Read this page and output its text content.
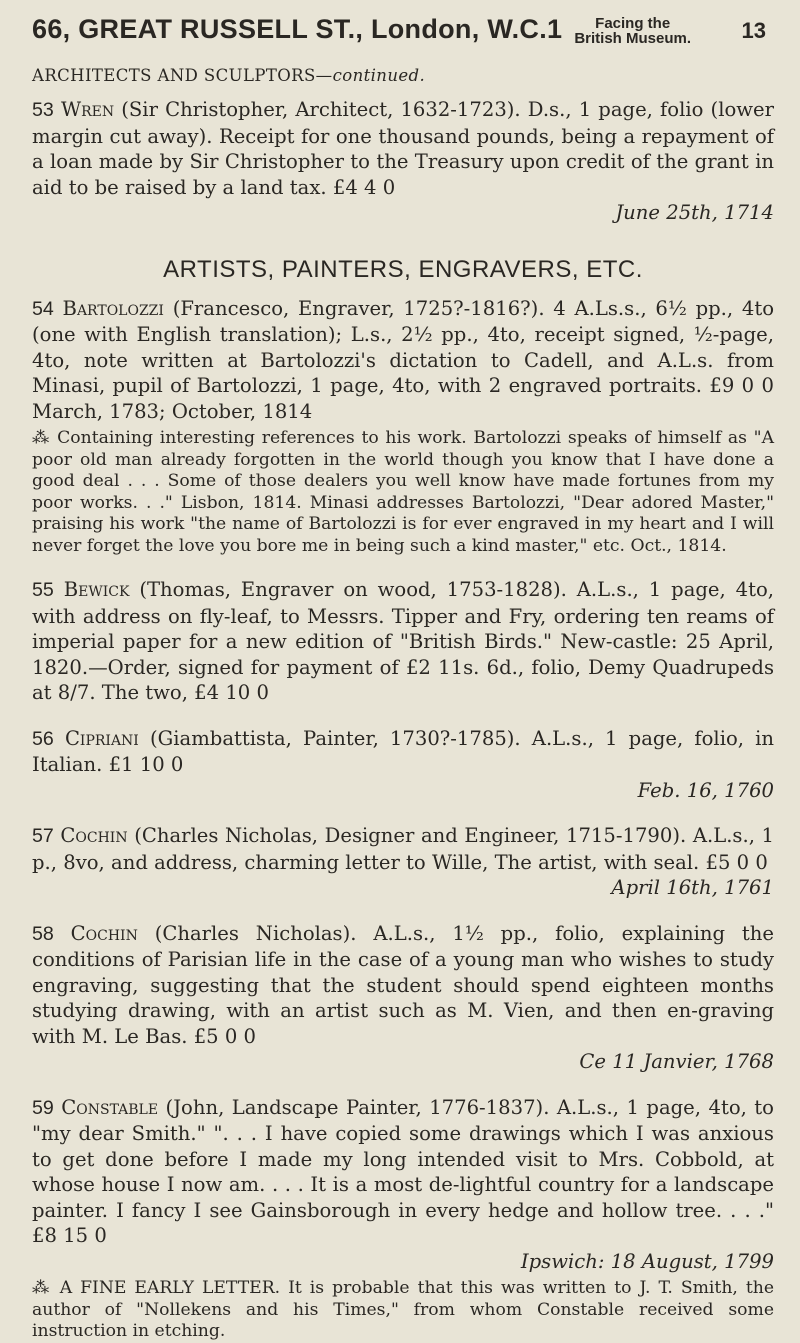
66, GREAT RUSSELL ST., London, W.C.1	Facing the
British Museum. 13
ARCHITECTS AND SCULPTORS—continued.
53 Wren (Sir Christopher, Architect, 1632-1723). D.s., 1 page, folio (lower margin cut away). Receipt for one thousand pounds, being a repayment of a loan made by Sir Christopher to the Treasury upon credit of the grant in aid to be raised by a land tax. £4 4 0
June 25th, 1714
ARTISTS, PAINTERS, ENGRAVERS, ETC.
54 Bartolozzi (Francesco, Engraver, 1725?-1816?). 4 A.Ls.s., 6½ pp., 4to (one with English translation); L.s., 2½ pp., 4to, receipt signed, ½-page, 4to, note written at Bartolozzi's dictation to Cadell, and A.L.s. from Minasi, pupil of Bartolozzi, 1 page, 4to, with 2 engraved portraits. £9 0 0 March, 1783; October, 1814
⁂ Containing interesting references to his work. Bartolozzi speaks of himself as "A poor old man already forgotten in the world though you know that I have done a good deal . . . Some of those dealers you well know have made fortunes from my poor works. . ." Lisbon, 1814. Minasi addresses Bartolozzi, "Dear adored Master," praising his work "the name of Bartolozzi is for ever engraved in my heart and I will never forget the love you bore me in being such a kind master," etc. Oct., 1814.
55 Bewick (Thomas, Engraver on wood, 1753-1828). A.L.s., 1 page, 4to, with address on fly-leaf, to Messrs. Tipper and Fry, ordering ten reams of imperial paper for a new edition of "British Birds." New-castle: 25 April, 1820.—Order, signed for payment of £2 11s. 6d., folio, Demy Quadrupeds at 8/7. The two, £4 10 0
56 Cipriani (Giambattista, Painter, 1730?-1785). A.L.s., 1 page, folio, in Italian. £1 10 0
Feb. 16, 1760
57 Cochin (Charles Nicholas, Designer and Engineer, 1715-1790). A.L.s., 1 p., 8vo, and address, charming letter to Wille, The artist, with seal. £5 0 0
April 16th, 1761
58 Cochin (Charles Nicholas). A.L.s., 1½ pp., folio, explaining the conditions of Parisian life in the case of a young man who wishes to study engraving, suggesting that the student should spend eighteen months studying drawing, with an artist such as M. Vien, and then en-graving with M. Le Bas. £5 0 0
Ce 11 Janvier, 1768
59 Constable (John, Landscape Painter, 1776-1837). A.L.s., 1 page, 4to, to "my dear Smith." ". . . I have copied some drawings which I was anxious to get done before I made my long intended visit to Mrs. Cobbold, at whose house I now am. . . . It is a most de-lightful country for a landscape painter. I fancy I see Gainsborough in every hedge and hollow tree. . . ." £8 15 0
Ipswich: 18 August, 1799
⁂ A FINE EARLY LETTER. It is probable that this was written to J. T. Smith, the author of "Nollekens and his Times," from whom Constable received some instruction in etching.
